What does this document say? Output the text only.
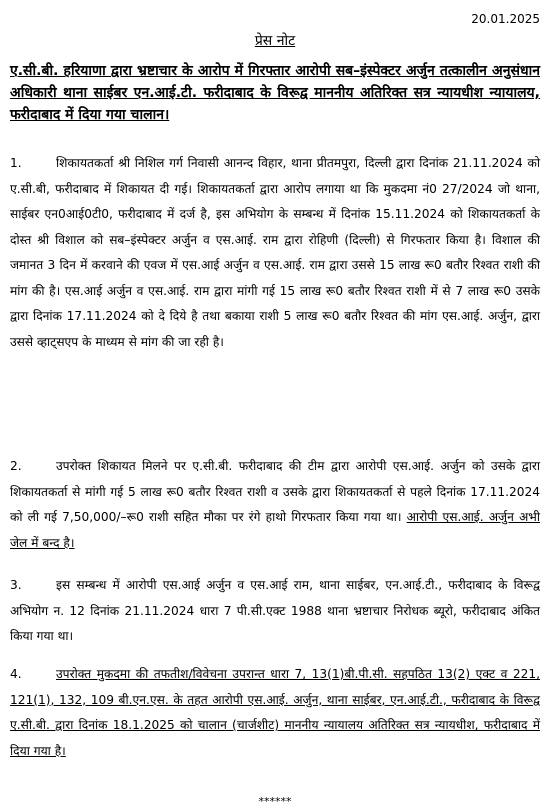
20.01.2025
प्रेस नोट
ए.सी.बी. हरियाणा द्वारा भ्रष्टाचार के आरोप में गिरफ्तार आरोपी सब–इंस्पेक्टर अर्जुन तत्कालीन अनुसंधान अधिकारी थाना साईबर एन.आई.टी. फरीदाबाद के विरूद्व माननीय अतिरिक्त सत्र न्यायधीश न्यायालय, फरीदाबाद में दिया गया चालान।
1.	शिकायतकर्ता श्री निशिल गर्ग निवासी आनन्द विहार, थाना प्रीतमपुरा, दिल्ली द्वारा दिनांक 21.11.2024 को ए.सी.बी, फरीदाबाद में शिकायत दी गई। शिकायतकर्ता द्वारा आरोप लगाया था कि मुकदमा नं0 27/2024 जो थाना, साईबर एन0आई0टी0, फरीदाबाद में दर्ज है, इस अभियोग के सम्बन्ध में दिनांक 15.11.2024 को शिकायतकर्ता के दोस्त श्री विशाल को सब–इंस्पेक्टर अर्जुन व एस.आई. राम द्वारा रोहिणी (दिल्ली) से गिरफतार किया है। विशाल की जमानत 3 दिन में करवाने की एवज में एस.आई अर्जुन व एस.आई. राम द्वारा उससे 15 लाख रू0 बतौर रिश्वत राशी की मांग की है। एस.आई अर्जुन व एस.आई. राम द्वारा मांगी गई 15 लाख रू0 बतौर रिश्वत राशी में से 7 लाख रू0 उसके द्वारा दिनांक 17.11.2024 को दे दिये है तथा बकाया राशी 5 लाख रू0 बतौर रिश्वत की मांग एस.आई. अर्जुन, द्वारा उससे व्हाट्सएप के माध्यम से मांग की जा रही है।
2.	उपरोक्त शिकायत मिलने पर ए.सी.बी. फरीदाबाद की टीम द्वारा आरोपी एस.आई. अर्जुन को उसके द्वारा शिकायतकर्ता से मांगी गई 5 लाख रू0 बतौर रिश्वत राशी व उसके द्वारा शिकायतकर्ता से पहले दिनांक 17.11.2024 को ली गई 7,50,000/–रू0 राशी सहित मौका पर रंगे हाथो गिरफतार किया गया था। आरोपी एस.आई. अर्जुन अभी जेल में बन्द है।
3.	इस सम्बन्ध में आरोपी एस.आई अर्जुन व एस.आई राम, थाना साईबर, एन.आई.टी., फरीदाबाद के विरूद्व अभियोग न. 12 दिनांक 21.11.2024 धारा 7 पी.सी.एक्ट 1988 थाना भ्रष्टाचार निरोधक ब्यूरो, फरीदाबाद अंकित किया गया था।
4.	उपरोक्त मुकदमा की तफतीश/विवेचना उपरान्त धारा 7, 13(1)बी.पी.सी. सहपठित 13(2) एक्ट व 221, 121(1), 132, 109 बी.एन.एस. के तहत आरोपी एस.आई. अर्जुन, थाना साईबर, एन.आई.टी., फरीदाबाद के विरूद्व ए.सी.बी. द्वारा दिनांक 18.1.2025 को चालान (चार्जशीट) माननीय न्यायालय अतिरिक्त सत्र न्यायधीश, फरीदाबाद में दिया गया है।
******
